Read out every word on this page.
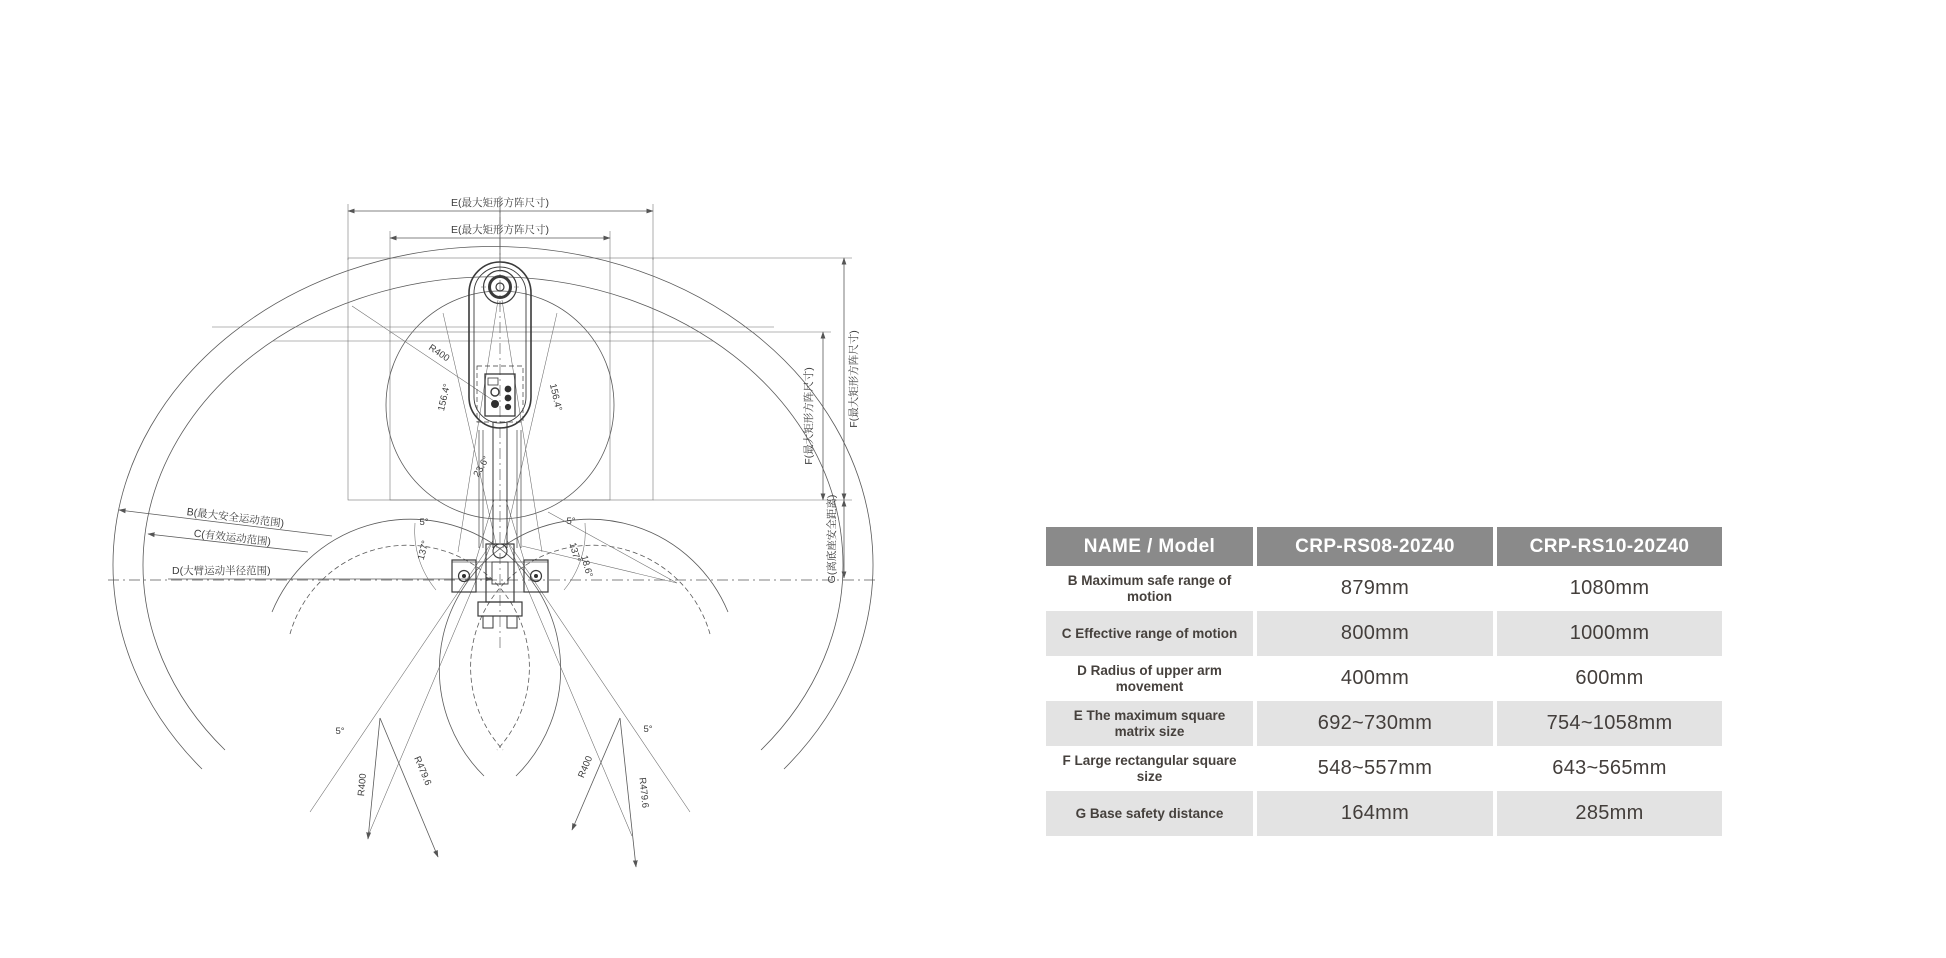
E(最大矩形方阵尺寸)
E(最大矩形方阵尺寸)
F(最大矩形方阵尺寸)
F(最大矩形方阵尺寸)
G(离底座安全距离)
B(最大安全运动范围)
C(有效运动范围)
D(大臂运动半径范围)
R400
156.4°	156.4°
23.6°
137°	137°
5°	5°
18.6°
R400	R479.6	R400
R479.6
5°	5°
NAME / Model	CRP-RS08-20Z40	CRP-RS10-20Z40
B Maximum safe range of motion	879mm	1080mm
C Effective range of motion	800mm	1000mm
D Radius of upper arm movement	400mm	600mm
E The maximum square matrix size	692~730mm	754~1058mm
F Large rectangular square size	548~557mm	643~565mm
G Base safety distance	164mm	285mm
